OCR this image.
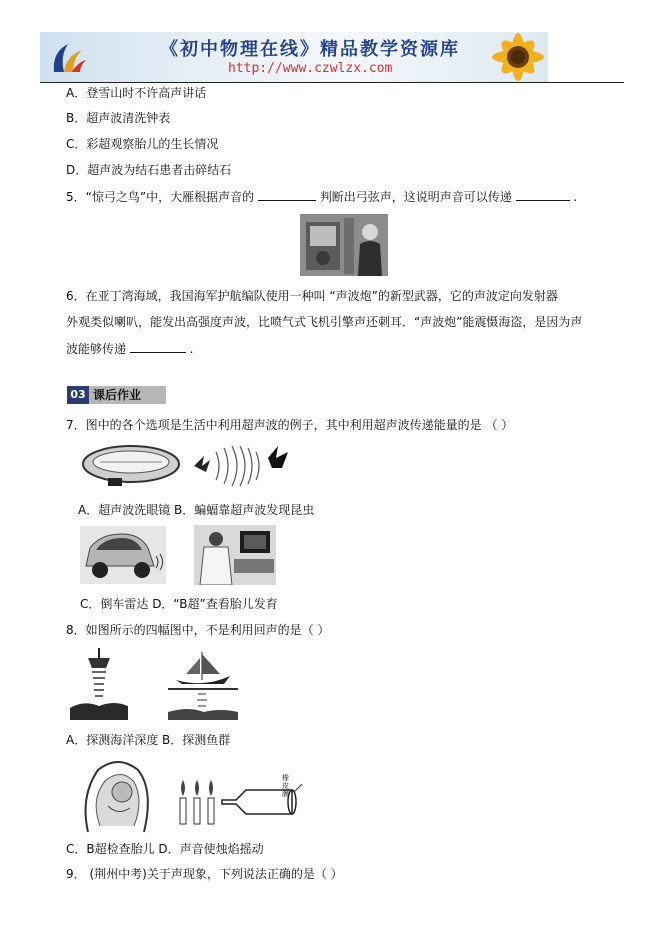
《初中物理在线》精品教学资源库
http://www.czwlzx.com
A．登雪山时不许高声讲话
B．超声波清洗钟表
C．彩超观察胎儿的生长情况
D．超声波为结石患者击碎结石
5．“惊弓之鸟”中，大雁根据声音的	判断出弓弦声，这说明声音可以传递	.
6．在亚丁湾海域，我国海军护航编队使用一种叫 “声波炮”的新型武器，它的声波定向发射器
外观类似喇叭，能发出高强度声波，比喷气式飞机引擎声还刺耳．“声波炮”能震慑海盗，是因为声
波能够传递	.
03 课后作业
7．图中的各个选项是生活中利用超声波的例子，其中利用超声波传递能量的是 （ ）
A．超声波洗眼镜 B．蝙蝠靠超声波发现昆虫
C．倒车雷达 D．“B超”查看胎儿发育
8．如图所示的四幅图中，不是利用回声的是（ ）
A．探测海洋深度 B．探测鱼群
橡皮膜
C．B超检查胎儿 D．声音使烛焰摇动
9． (荆州中考)关于声现象，下列说法正确的是（ ）
